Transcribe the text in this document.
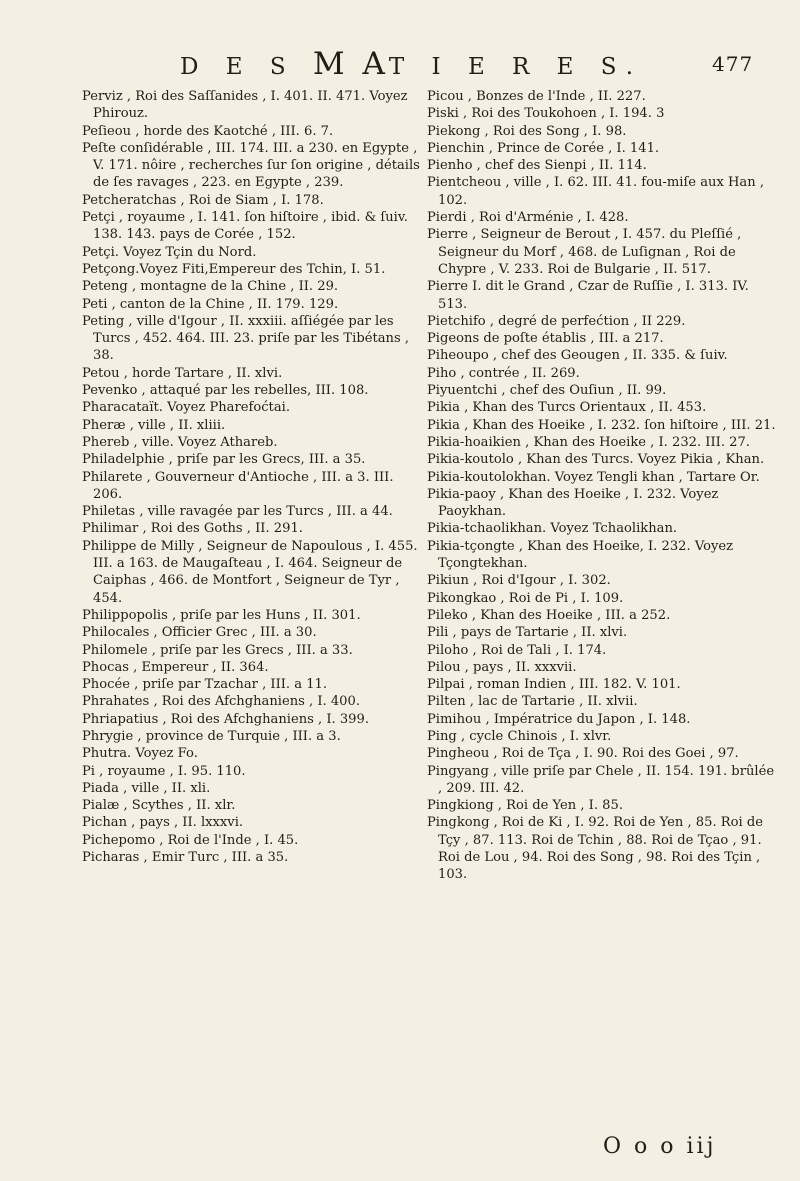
D E S M AT I E R E S.	477

Perviz , Roi des Saſſanides , I. 401. II. 471. Voyez Phirouz.

Peſieou , horde des Kaotché , III. 6. 7.

Peſte conſidérable , III. 174. III. a 230. en Egypte , V. 171. nôire , recherches ſur ſon origine , détails de ſes ravages , 223. en Egypte , 239.

Petcheratchas , Roi de Siam , I. 178.

Petçi , royaume , I. 141. ſon hiſtoire , ibid. & ſuiv. 138. 143. pays de Corée , 152.

Petçi. Voyez Tçin du Nord.

Petçong.Voyez Fiti,Empereur des Tchin, I. 51.

Peteng , montagne de la Chine , II. 29.

Peti , canton de la Chine , II. 179. 129.

Peting , ville d'Igour , II. xxxiii. aſſiégée par les Turcs , 452. 464. III. 23. priſe par les Tibétans , 38.

Petou , horde Tartare , II. xlvi.

Pevenko , attaqué par les rebelles, III. 108.

Pharacataït. Voyez Pharefoćtai.

Pheræ , ville , II. xliii.

Phereb , ville. Voyez Athareb.

Philadelphie , priſe par les Grecs, III. a 35.

Philarete , Gouverneur d'Antioche , III. a 3. III. 206.

Philetas , ville ravagée par les Turcs , III. a 44.

Philimar , Roi des Goths , II. 291.

Philippe de Milly , Seigneur de Napoulous , I. 455. III. a 163. de Maugaſteau , I. 464. Seigneur de Caiphas , 466. de Montfort , Seigneur de Tyr , 454.

Philippopolis , priſe par les Huns , II. 301.

Philocales , Officier Grec , III. a 30.

Philomele , priſe par les Grecs , III. a 33.

Phocas , Empereur , II. 364.

Phocée , priſe par Tzachar , III. a 11.

Phrahates , Roi des Afchghaniens , I. 400.

Phriapatius , Roi des Afchghaniens , I. 399.

Phrygie , province de Turquie , III. a 3.

Phutra. Voyez Fo.

Pi , royaume , I. 95. 110.

Piada , ville , II. xli.

Pialæ , Scythes , II. xlr.

Pichan , pays , II. lxxxvi.

Pichepomo , Roi de l'Inde , I. 45.

Picharas , Emir Turc , III. a 35.

Picou , Bonzes de l'Inde , II. 227.

Piski , Roi des Toukohoen , I. 194. 3

Piekong , Roi des Song , I. 98.

Pienchin , Prince de Corée , I. 141.

Pienho , chef des Sienpi , II. 114.

Pientcheou , ville , I. 62. III. 41. fou-miſe aux Han , 102.

Pierdi , Roi d'Arménie , I. 428.

Pierre , Seigneur de Berout , I. 457. du Pleſſié , Seigneur du Morf , 468. de Luſignan , Roi de Chypre , V. 233. Roi de Bulgarie , II. 517.

Pierre I. dit le Grand , Czar de Ruſſie , I. 313. IV. 513.

Pietchifo , degré de perfećtion , II 229.

Pigeons de poſte établis , III. a 217.

Piheoupo , chef des Geougen , II. 335. & ſuiv.

Piho , contrée , II. 269.

Piyuentchi , chef des Ouſiun , II. 99.

Pikia , Khan des Turcs Orientaux , II. 453.

Pikia , Khan des Hoeike , I. 232. ſon hiſtoire , III. 21.

Pikia-hoaikien , Khan des Hoeike , I. 232. III. 27.

Pikia-koutolo , Khan des Turcs. Voyez Pikia , Khan.

Pikia-koutolokhan. Voyez Tengli khan , Tartare Or.

Pikia-paoy , Khan des Hoeike , I. 232. Voyez Paoykhan.

Pikia-tchaolikhan. Voyez Tchaolikhan.

Pikia-tçongte , Khan des Hoeike, I. 232. Voyez Tçongtekhan.

Pikiun , Roi d'Igour , I. 302.

Pikongkao , Roi de Pi , I. 109.

Pileko , Khan des Hoeike , III. a 252.

Pili , pays de Tartarie , II. xlvi.

Piloho , Roi de Tali , I. 174.

Pilou , pays , II. xxxvii.

Pilpai , roman Indien , III. 182. V. 101.

Pilten , lac de Tartarie , II. xlvii.

Pimihou , Impératrice du Japon , I. 148.

Ping , cycle Chinois , I. xlvr.

Pingheou , Roi de Tça , I. 90. Roi des Goei , 97.

Pingyang , ville priſe par Chele , II. 154. 191. brûlée , 209. III. 42.

Pingkiong , Roi de Yen , I. 85.

Pingkong , Roi de Ki , I. 92. Roi de Yen , 85. Roi de Tçy , 87. 113. Roi de Tchin , 88. Roi de Tçao , 91. Roi de Lou , 94. Roi des Song , 98. Roi des Tçin , 103.

O o o iij
